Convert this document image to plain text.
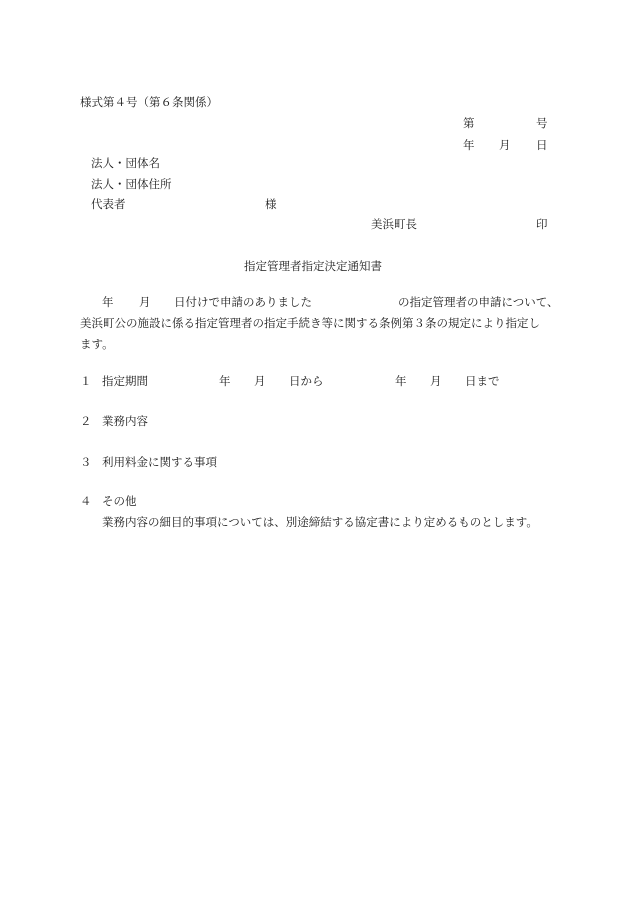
様式第４号（第６条関係）
第	号
年 月 日
法人・団体名
法人・団体住所
代表者	様
美浜町長	印
指定管理者指定決定通知書
年 月 日付けで申請のありました	の指定管理者の申請について、
美浜町公の施設に係る指定管理者の指定手続き等に関する条例第３条の規定により指定し
ます。
１ 指定期間	年 月 日から	年 月 日まで
２ 業務内容
３ 利用料金に関する事項
４ その他
業務内容の細目的事項については、別途締結する協定書により定めるものとします。
